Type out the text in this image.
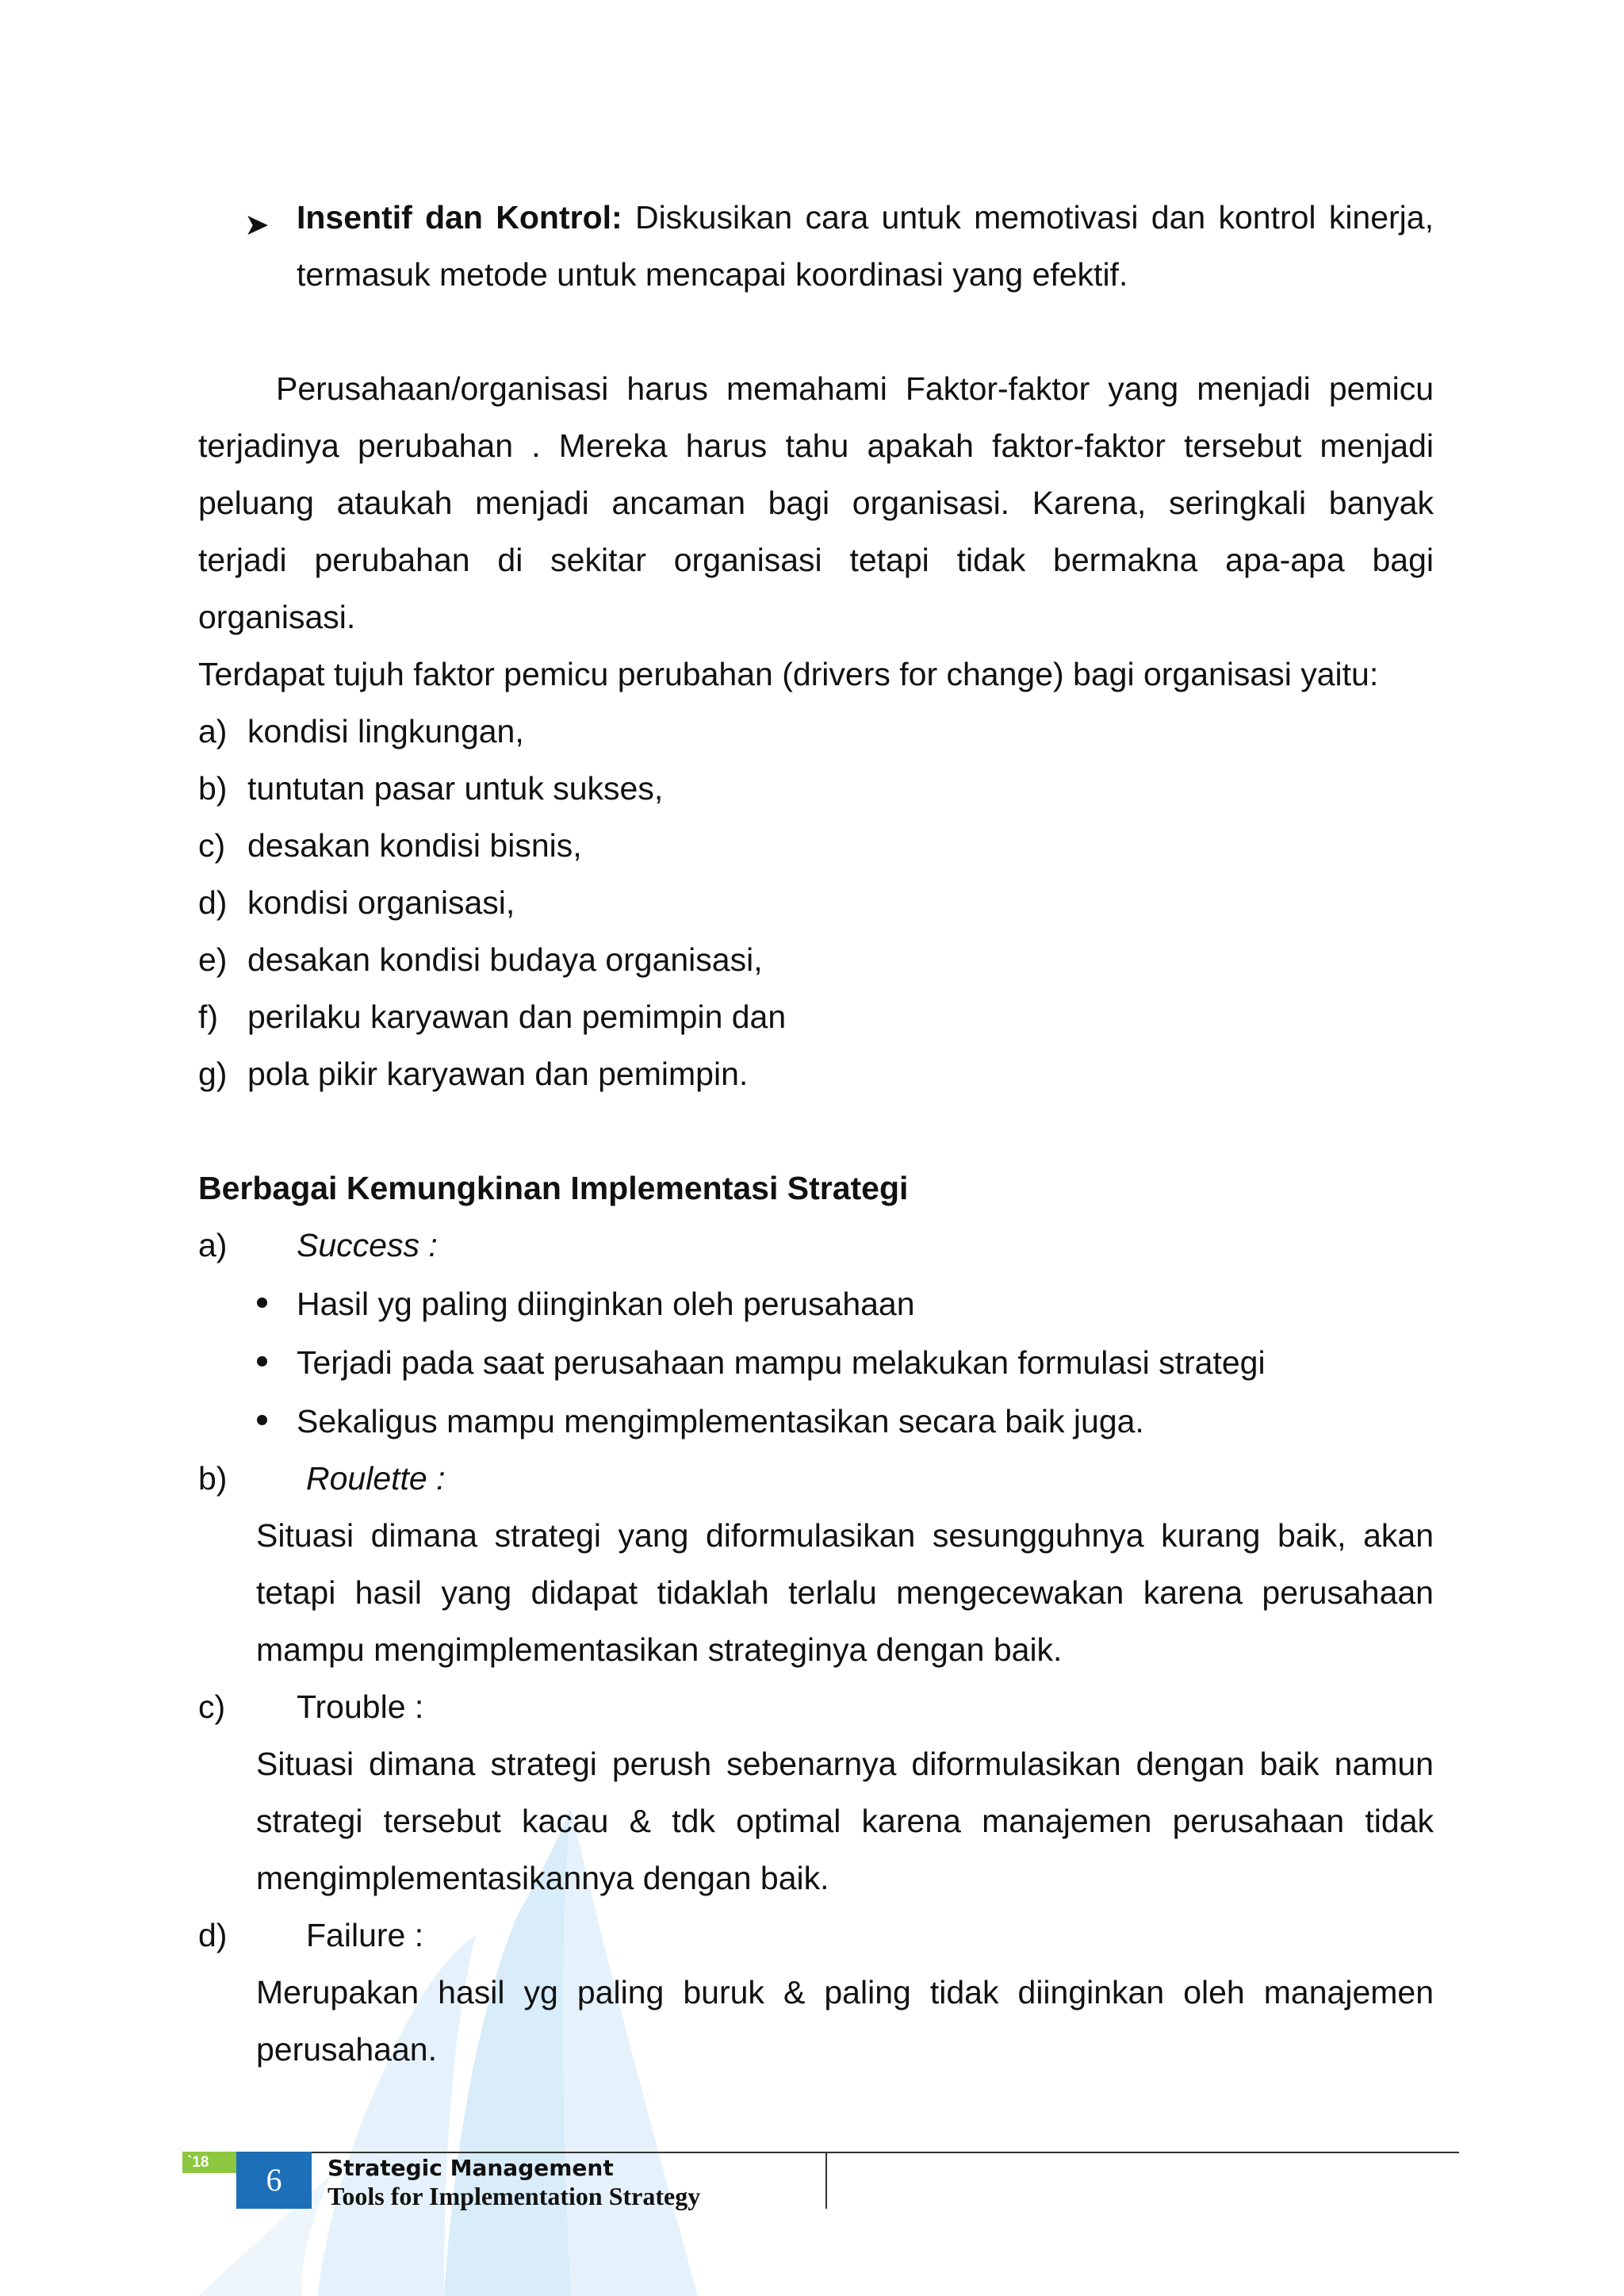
➤ Insentif dan Kontrol: Diskusikan cara untuk memotivasi dan kontrol kinerja,
termasuk metode untuk mencapai koordinasi yang efektif.
Perusahaan/organisasi harus memahami Faktor-faktor yang menjadi pemicu
terjadinya perubahan . Mereka harus tahu apakah faktor-faktor tersebut menjadi
peluang ataukah menjadi ancaman bagi organisasi. Karena, seringkali banyak
terjadi perubahan di sekitar organisasi tetapi tidak bermakna apa-apa bagi
organisasi.
Terdapat tujuh faktor pemicu perubahan (drivers for change) bagi organisasi yaitu:
a) kondisi lingkungan,
b) tuntutan pasar untuk sukses,
c) desakan kondisi bisnis,
d) kondisi organisasi,
e) desakan kondisi budaya organisasi,
f) perilaku karyawan dan pemimpin dan
g) pola pikir karyawan dan pemimpin.
Berbagai Kemungkinan Implementasi Strategi
a) Success :
Hasil yg paling diinginkan oleh perusahaan
Terjadi pada saat perusahaan mampu melakukan formulasi strategi
Sekaligus mampu mengimplementasikan secara baik juga.
b) Roulette :
Situasi dimana strategi yang diformulasikan sesungguhnya kurang baik, akan
tetapi hasil yang didapat tidaklah terlalu mengecewakan karena perusahaan
mampu mengimplementasikan strateginya dengan baik.
c) Trouble :
Situasi dimana strategi perush sebenarnya diformulasikan dengan baik namun
strategi tersebut kacau & tdk optimal karena manajemen perusahaan tidak
mengimplementasikannya dengan baik.
d) Failure :
Merupakan hasil yg paling buruk & paling tidak diinginkan oleh manajemen
perusahaan.
`18	6	Strategic Management
Tools for Implementation Strategy
